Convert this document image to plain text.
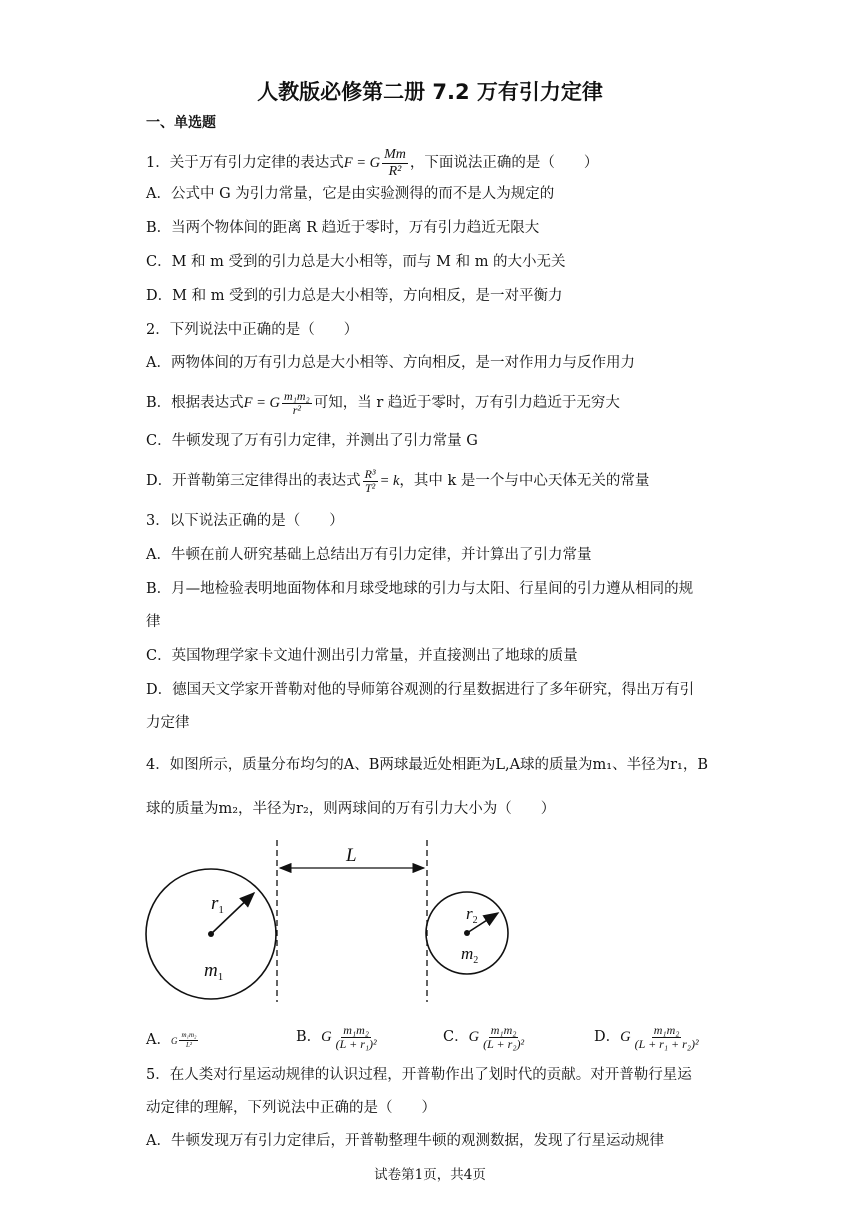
人教版必修第二册 7.2 万有引力定律
一、单选题
1．关于万有引力定律的表达式F = G $\frac{Mm}{\text{R²}}$ ，下面说法正确的是（　　）
A．公式中 G 为引力常量，它是由实验测得的而不是人为规定的
B．当两个物体间的距离 R 趋近于零时，万有引力趋近无限大
C．M 和 m 受到的引力总是大小相等，而与 M 和 m 的大小无关
D．M 和 m 受到的引力总是大小相等，方向相反，是一对平衡力
2．下列说法中正确的是（　　）
A．两物体间的万有引力总是大小相等、方向相反，是一对作用力与反作用力
B．根据表达式F = G $\frac{\text{m₁m₂}}{\text{r²}}$ 可知，当 r 趋近于零时，万有引力趋近于无穷大
C．牛顿发现了万有引力定律，并测出了引力常量 G
D．开普勒第三定律得出的表达式 $\frac{\text{R³}}{\text{T²}} = k$，其中 k 是一个与中心天体无关的常量
3．以下说法正确的是（　　）
A．牛顿在前人研究基础上总结出万有引力定律，并计算出了引力常量
B．月—地检验表明地面物体和月球受地球的引力与太阳、行星间的引力遵从相同的规
律
C．英国物理学家卡文迪什测出引力常量，并直接测出了地球的质量
D．德国天文学家开普勒对他的导师第谷观测的行星数据进行了多年研究，得出万有引
力定律
4．如图所示，质量分布均匀的A、B两球最近处相距为L,A球的质量为m₁、半径为r₁，B
球的质量为m₂，半径为r₂，则两球间的万有引力大小为（　　）
L
$r_1$
$m_1$
$r_2$
$m_2$
A．G $\frac{\text{m₁m₂}}{\text{L²}}$	B．G $\frac{\text{m₁m₂}}{\text{(L + r₁)²}}$	C．G $\frac{\text{m₁m₂}}{\text{(L + r₂)²}}$	D．G $\frac{\text{m₁m₂}}{\text{(L + r₁ + r₂)²}}$
5．在人类对行星运动规律的认识过程，开普勒作出了划时代的贡献。对开普勒行星运
动定律的理解，下列说法中正确的是（　　）
A．牛顿发现万有引力定律后，开普勒整理牛顿的观测数据，发现了行星运动规律
试卷第1页，共4页
